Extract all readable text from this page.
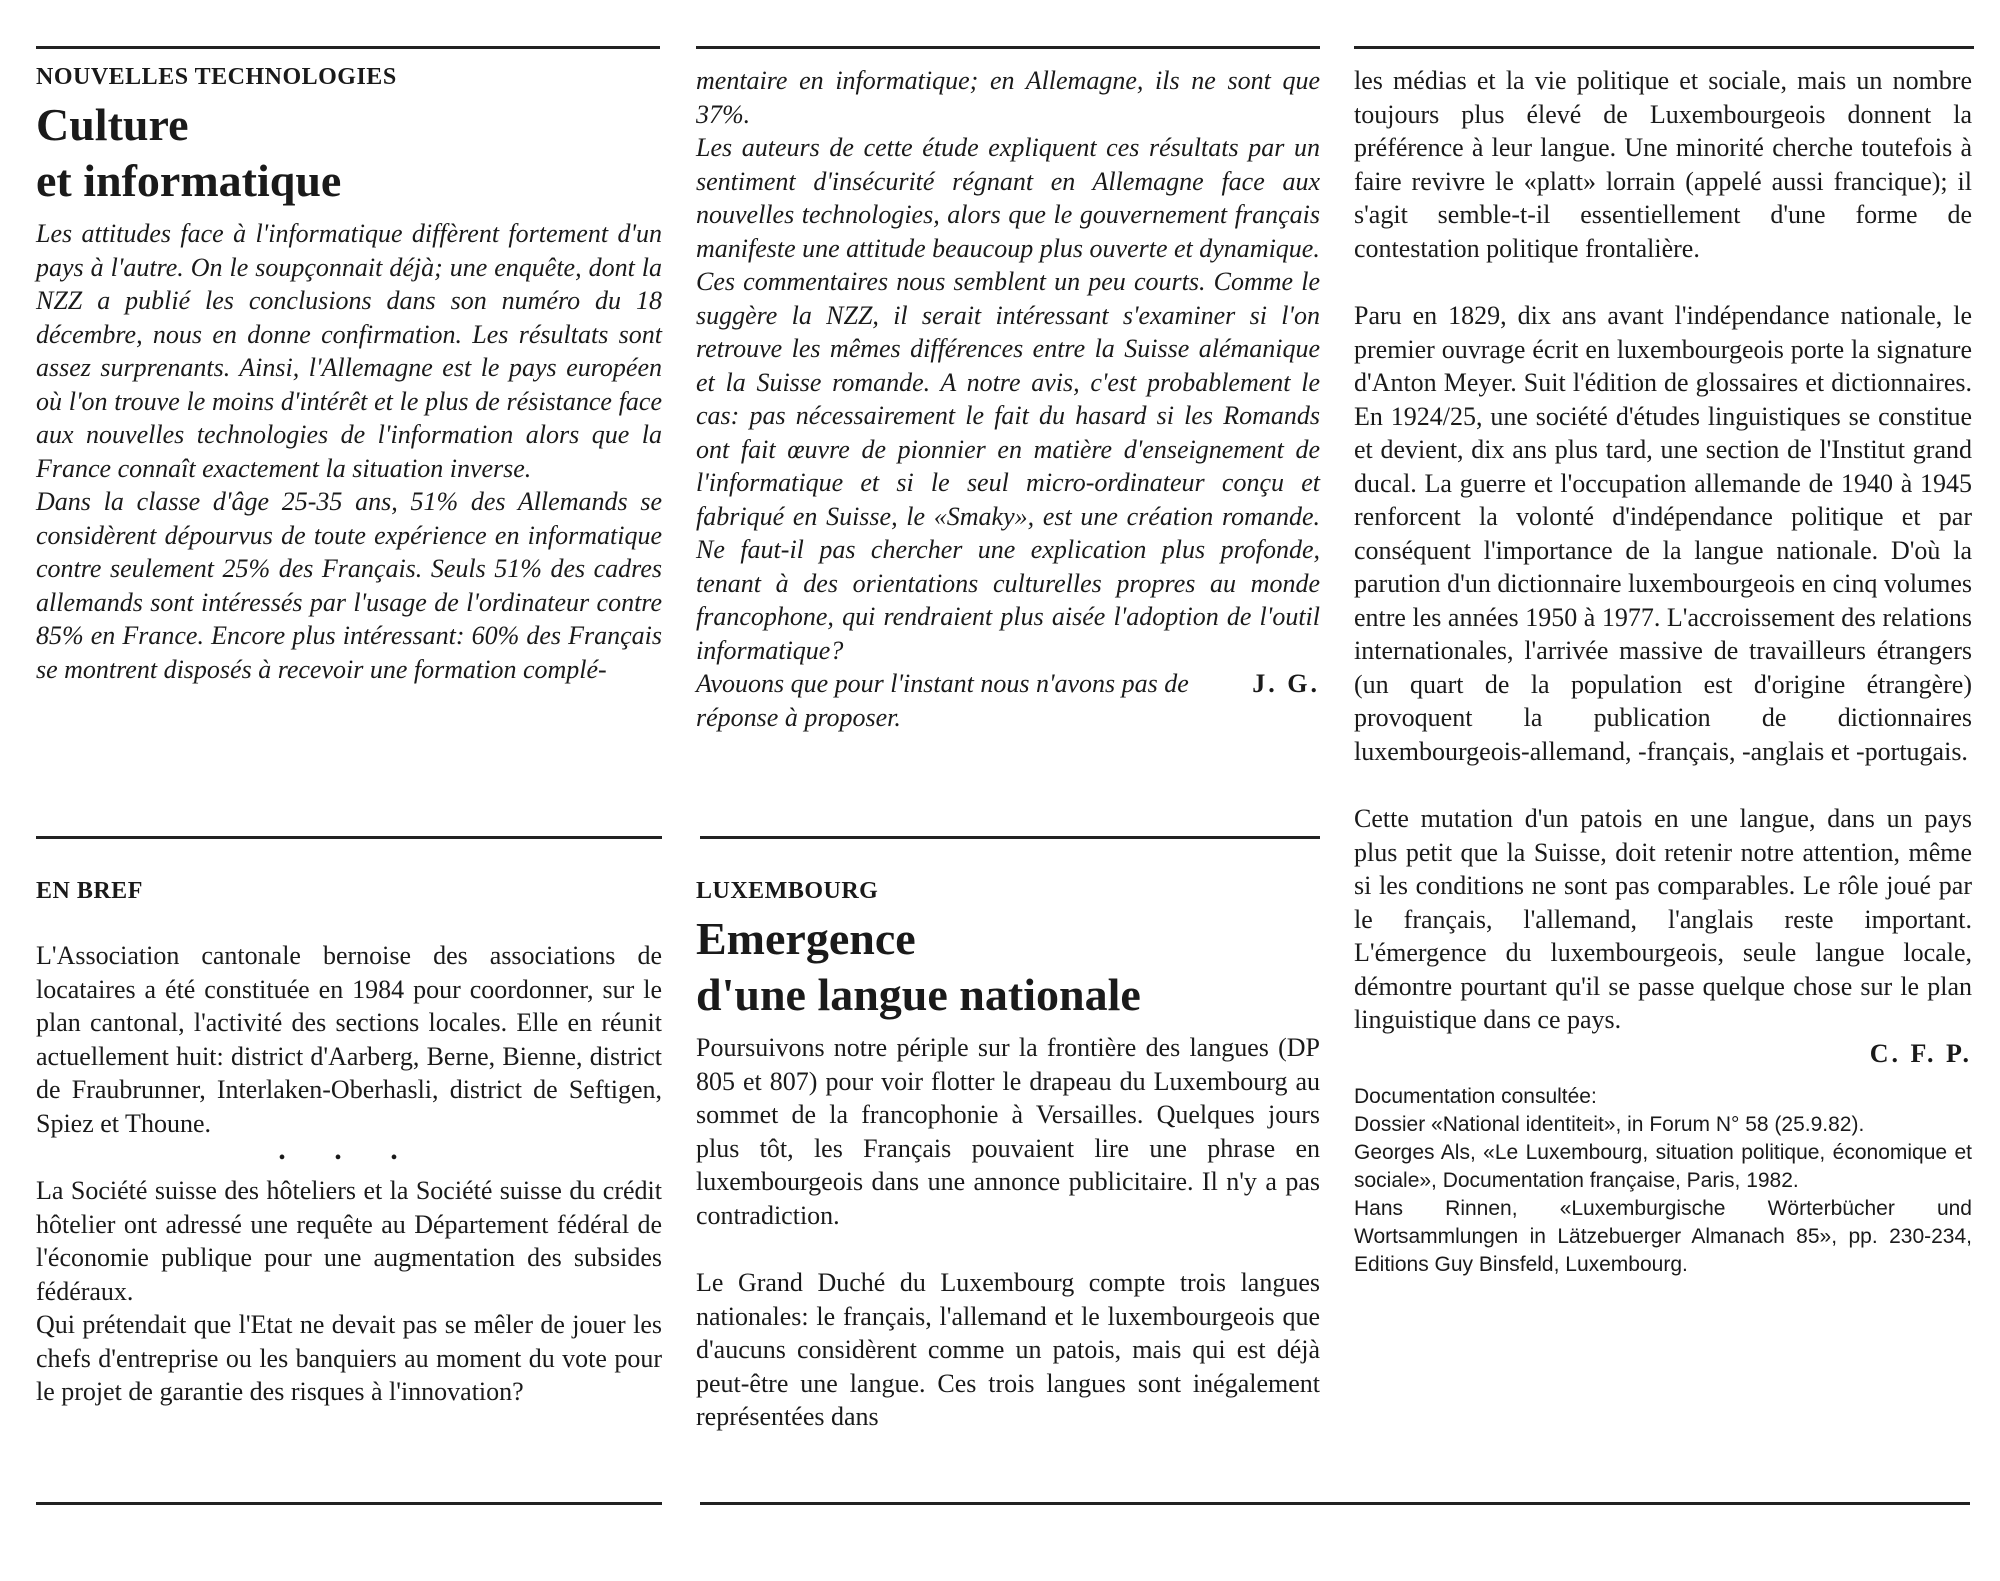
NOUVELLES TECHNOLOGIES

Culture
et informatique

Les attitudes face à l'informatique diffèrent fortement d'un pays à l'autre. On le soupçonnait déjà; une enquête, dont la NZZ a publié les conclusions dans son numéro du 18 décembre, nous en donne confirmation. Les résultats sont assez surprenants. Ainsi, l'Allemagne est le pays européen où l'on trouve le moins d'intérêt et le plus de résistance face aux nouvelles technologies de l'information alors que la France connaît exactement la situation inverse.

Dans la classe d'âge 25-35 ans, 51% des Allemands se considèrent dépourvus de toute expérience en informatique contre seulement 25% des Français. Seuls 51% des cadres allemands sont intéressés par l'usage de l'ordinateur contre 85% en France. Encore plus intéressant: 60% des Français se montrent disposés à recevoir une formation complé-

mentaire en informatique; en Allemagne, ils ne sont que 37%.

Les auteurs de cette étude expliquent ces résultats par un sentiment d'insécurité régnant en Allemagne face aux nouvelles technologies, alors que le gouvernement français manifeste une attitude beaucoup plus ouverte et dynamique.

Ces commentaires nous semblent un peu courts. Comme le suggère la NZZ, il serait intéressant s'examiner si l'on retrouve les mêmes différences entre la Suisse alémanique et la Suisse romande. A notre avis, c'est probablement le cas: pas nécessairement le fait du hasard si les Romands ont fait œuvre de pionnier en matière d'enseignement de l'informatique et si le seul micro-ordinateur conçu et fabriqué en Suisse, le «Smaky», est une création romande. Ne faut-il pas chercher une explication plus profonde, tenant à des orientations culturelles propres au monde francophone, qui rendraient plus aisée l'adoption de l'outil informatique?

Avouons que pour l'instant nous n'avons pas de réponse à proposer.

J. G.

EN BREF

L'Association cantonale bernoise des associations de locataires a été constituée en 1984 pour coordonner, sur le plan cantonal, l'activité des sections locales. Elle en réunit actuellement huit: district d'Aarberg, Berne, Bienne, district de Fraubrunner, Interlaken-Oberhasli, district de Seftigen, Spiez et Thoune.

• • •

La Société suisse des hôteliers et la Société suisse du crédit hôtelier ont adressé une requête au Département fédéral de l'économie publique pour une augmentation des subsides fédéraux.

Qui prétendait que l'Etat ne devait pas se mêler de jouer les chefs d'entreprise ou les banquiers au moment du vote pour le projet de garantie des risques à l'innovation?

LUXEMBOURG

Emergence
d'une langue nationale

Poursuivons notre périple sur la frontière des langues (DP 805 et 807) pour voir flotter le drapeau du Luxembourg au sommet de la francophonie à Versailles. Quelques jours plus tôt, les Français pouvaient lire une phrase en luxembourgeois dans une annonce publicitaire. Il n'y a pas contradiction.

Le Grand Duché du Luxembourg compte trois langues nationales: le français, l'allemand et le luxembourgeois que d'aucuns considèrent comme un patois, mais qui est déjà peut-être une langue. Ces trois langues sont inégalement représentées dans

les médias et la vie politique et sociale, mais un nombre toujours plus élevé de Luxembourgeois donnent la préférence à leur langue. Une minorité cherche toutefois à faire revivre le «platt» lorrain (appelé aussi francique); il s'agit semble-t-il essentiellement d'une forme de contestation politique frontalière.

Paru en 1829, dix ans avant l'indépendance nationale, le premier ouvrage écrit en luxembourgeois porte la signature d'Anton Meyer. Suit l'édition de glossaires et dictionnaires. En 1924/25, une société d'études linguistiques se constitue et devient, dix ans plus tard, une section de l'Institut grand ducal. La guerre et l'occupation allemande de 1940 à 1945 renforcent la volonté d'indépendance politique et par conséquent l'importance de la langue nationale. D'où la parution d'un dictionnaire luxembourgeois en cinq volumes entre les années 1950 à 1977. L'accroissement des relations internationales, l'arrivée massive de travailleurs étrangers (un quart de la population est d'origine étrangère) provoquent la publication de dictionnaires luxembourgeois-allemand, -français, -anglais et -portugais.

Cette mutation d'un patois en une langue, dans un pays plus petit que la Suisse, doit retenir notre attention, même si les conditions ne sont pas comparables. Le rôle joué par le français, l'allemand, l'anglais reste important. L'émergence du luxembourgeois, seule langue locale, démontre pourtant qu'il se passe quelque chose sur le plan linguistique dans ce pays.

C. F. P.

Documentation consultée:

Dossier «National identiteit», in Forum N° 58 (25.9.82).

Georges Als, «Le Luxembourg, situation politique, économique et sociale», Documentation française, Paris, 1982.

Hans Rinnen, «Luxemburgische Wörterbücher und Wortsammlungen in Lätzebuerger Almanach 85», pp. 230-234, Editions Guy Binsfeld, Luxembourg.
